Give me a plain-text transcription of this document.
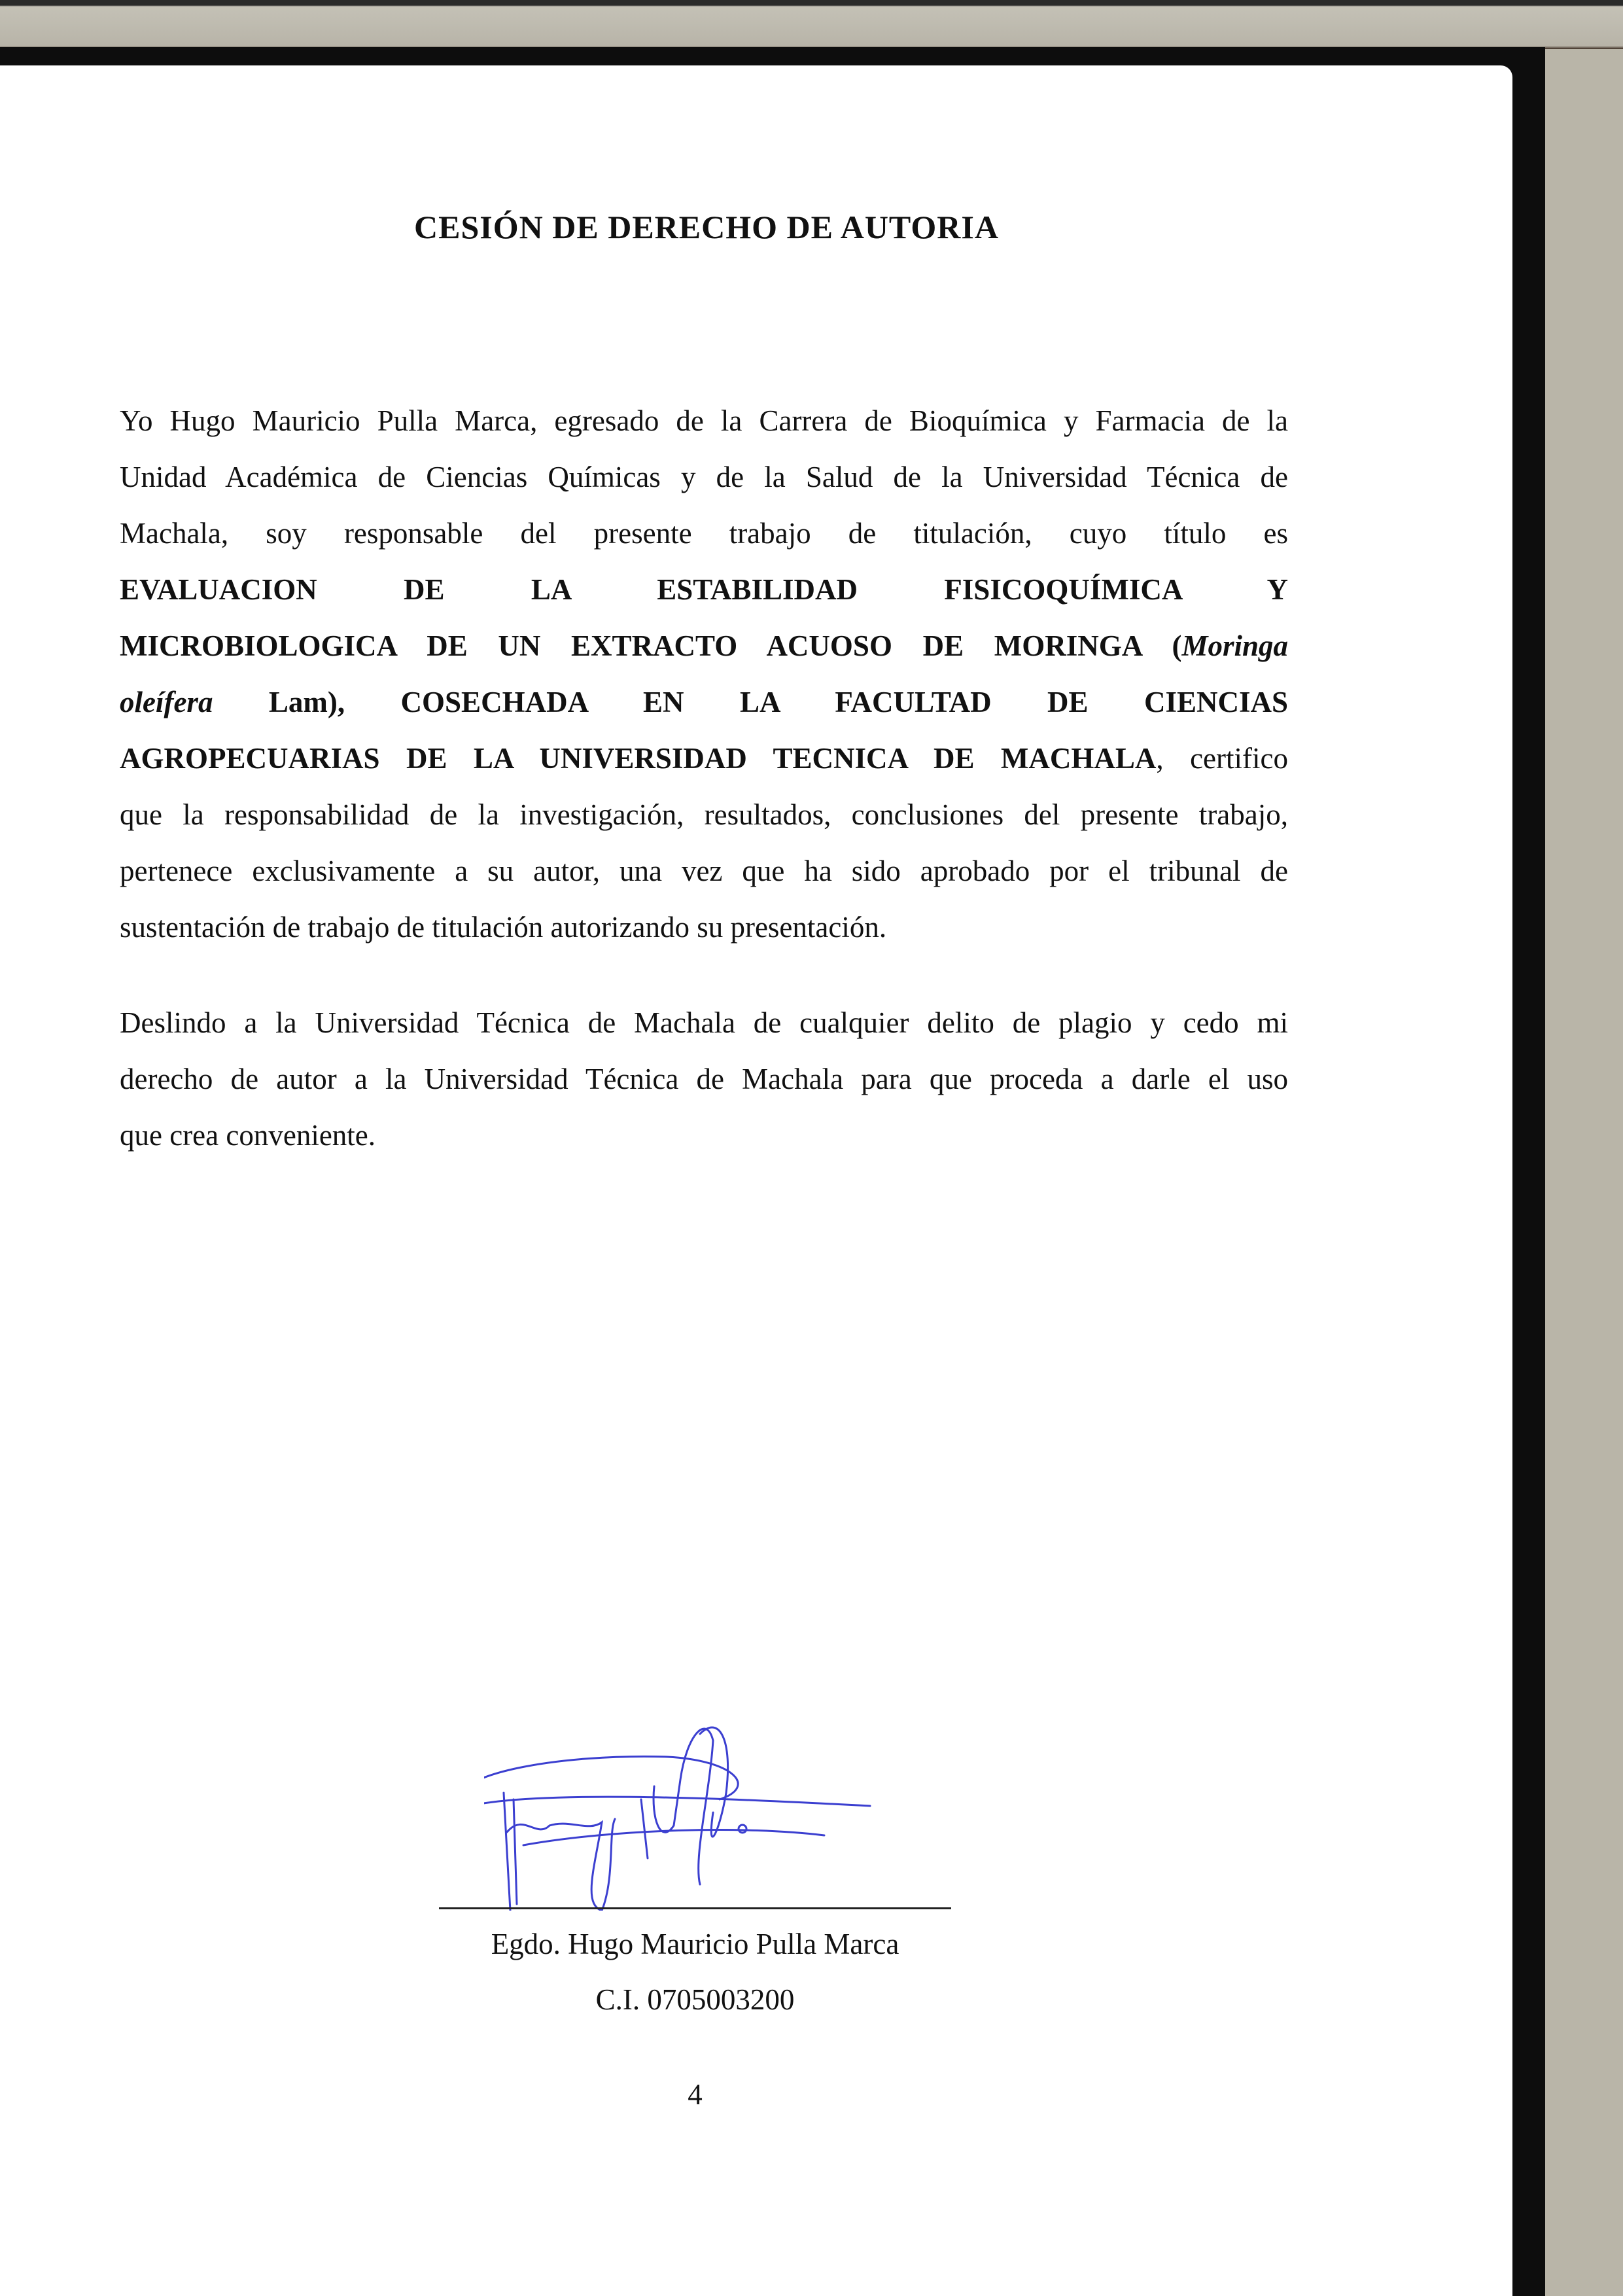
CESIÓN DE DERECHO DE AUTORIA
Yo Hugo Mauricio Pulla Marca, egresado de la Carrera de Bioquímica y Farmacia de la
Unidad Académica de Ciencias Químicas y de la Salud de la Universidad Técnica de
Machala, soy responsable del presente trabajo de titulación, cuyo título es
EVALUACION DE LA ESTABILIDAD FISICOQUÍMICA Y
MICROBIOLOGICA DE UN EXTRACTO ACUOSO DE MORINGA (Moringa
oleífera Lam), COSECHADA EN LA FACULTAD DE CIENCIAS
AGROPECUARIAS DE LA UNIVERSIDAD TECNICA DE MACHALA, certifico
que la responsabilidad de la investigación, resultados, conclusiones del presente trabajo,
pertenece exclusivamente a su autor, una vez que ha sido aprobado por el tribunal de
sustentación de trabajo de titulación autorizando su presentación.
Deslindo a la Universidad Técnica de Machala de cualquier delito de plagio y cedo mi
derecho de autor a la Universidad Técnica de Machala para que proceda a darle el uso
que crea conveniente.
Egdo. Hugo Mauricio Pulla Marca
C.I. 0705003200
4
